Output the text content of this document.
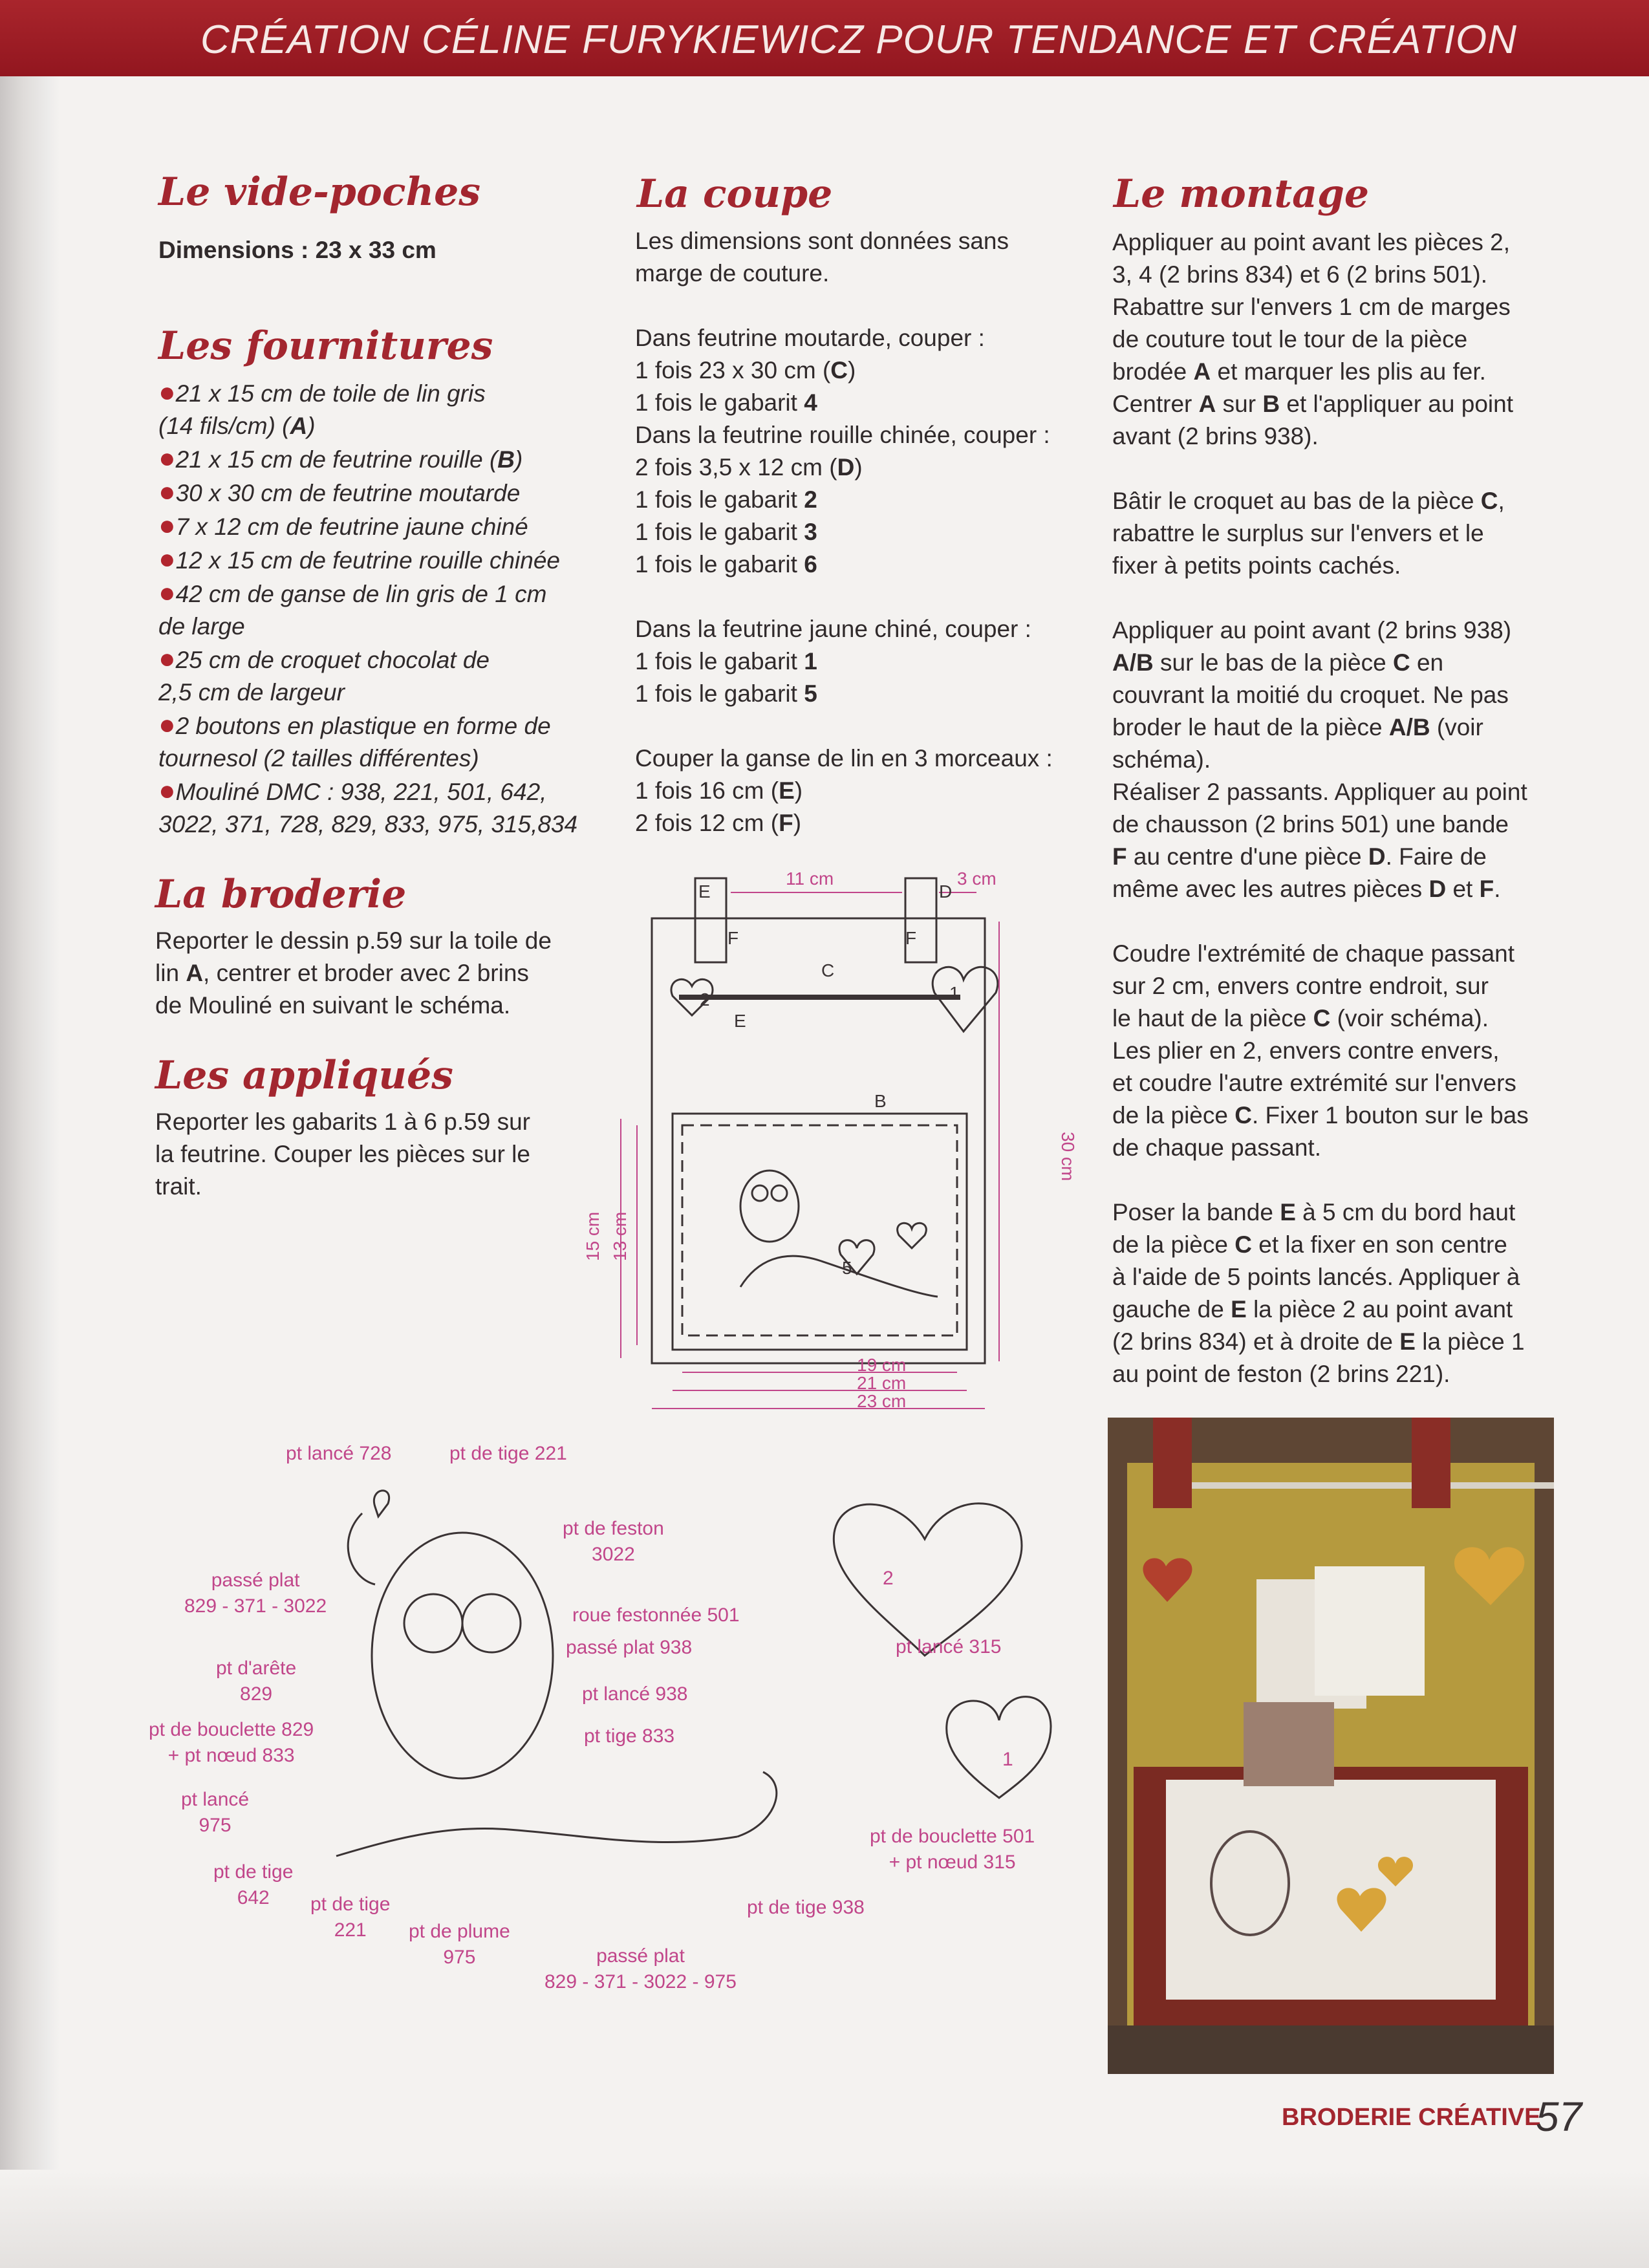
CRÉATION CÉLINE FURYKIEWICZ POUR TENDANCE ET CRÉATION
Le vide-poches
Dimensions : 23 x 33 cm
Les fournitures

●21 x 15 cm de toile de lin gris

(14 fils/cm) (A)

●21 x 15 cm de feutrine rouille (B)

●30 x 30 cm de feutrine moutarde

●7 x 12 cm de feutrine jaune chiné

●12 x 15 cm de feutrine rouille chinée

●42 cm de ganse de lin gris de 1 cm

de large

●25 cm de croquet chocolat de

2,5 cm de largeur

●2 boutons en plastique en forme de

tournesol (2 tailles différentes)

●Mouliné DMC : 938, 221, 501, 642,

3022, 371, 728, 829, 833, 975, 315,834

La broderie

Reporter le dessin p.59 sur la toile de

lin A, centrer et broder avec 2 brins

de Mouliné en suivant le schéma.

Les appliqués

Reporter les gabarits 1 à 6 p.59 sur

la feutrine. Couper les pièces sur le

trait.

La coupe

Les dimensions sont données sans

marge de couture.

Dans feutrine moutarde, couper :

1 fois 23 x 30 cm (C)

1 fois le gabarit 4

Dans la feutrine rouille chinée, couper :

2 fois 3,5 x 12 cm (D)

1 fois le gabarit 2

1 fois le gabarit 3

1 fois le gabarit 6

Dans la feutrine jaune chiné, couper :

1 fois le gabarit 1

1 fois le gabarit 5

Couper la ganse de lin en 3 morceaux :

1 fois 16 cm (E)

2 fois 12 cm (F)

Le montage

Appliquer au point avant les pièces 2,

3, 4 (2 brins 834) et 6 (2 brins 501).

Rabattre sur l'envers 1 cm de marges

de couture tout le tour de la pièce

brodée A et marquer les plis au fer.

Centrer A sur B et l'appliquer au point

avant (2 brins 938).

Bâtir le croquet au bas de la pièce C,

rabattre le surplus sur l'envers et le

fixer à petits points cachés.

Appliquer au point avant (2 brins 938)

A/B sur le bas de la pièce C en

couvrant la moitié du croquet. Ne pas

broder le haut de la pièce A/B (voir

schéma).

Réaliser 2 passants. Appliquer au point

de chausson (2 brins 501) une bande

F au centre d'une pièce D. Faire de

même avec les autres pièces D et F.

Coudre l'extrémité de chaque passant

sur 2 cm, envers contre endroit, sur

le haut de la pièce C (voir schéma).

Les plier en 2, envers contre envers,

et coudre l'autre extrémité sur l'envers

de la pièce C. Fixer 1 bouton sur le bas

de chaque passant.

Poser la bande E à 5 cm du bord haut

de la pièce C et la fixer en son centre

à l'aide de 5 points lancés. Appliquer à

gauche de E la pièce 2 au point avant

(2 brins 834) et à droite de E la pièce 1

au point de feston (2 brins 221).

11 cm	3 cm
19 cm
21 cm
23 cm
30 cm
15 cm 13 cm
E
F
D
F
C
E
B
2	1
5
pt lancé 728	pt de tige 221
pt de feston
3022
passé plat
829 - 371 - 3022	roue festonnée 501
passé plat 938
pt d'arête
829	pt lancé 938
pt de bouclette 829
+ pt nœud 833
pt tige 833
pt lancé
975
pt de tige
642	pt de tige
221	pt de plume
975
pt de tige 938
passé plat
829 - 371 - 3022 - 975
2
pt lancé 315
1
pt de bouclette 501
+ pt nœud 315
BRODERIE CRÉATIVE
57
